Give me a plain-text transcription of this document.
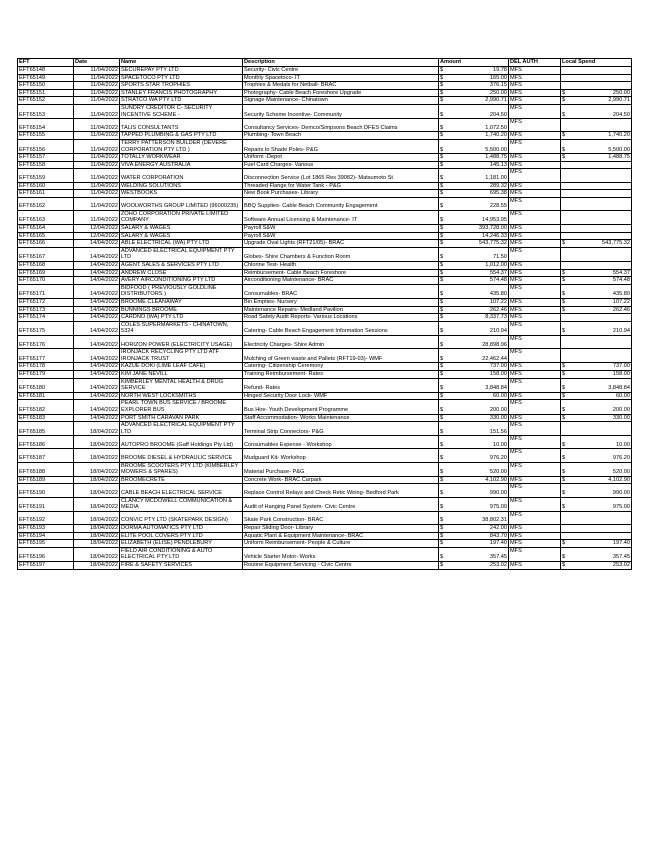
EFT	Date	Name	Description	Amount	DEL AUTH	Local Spend
EFT65148	11/04/2022	SECUREPAY PTY LTD	Security- Civic Centre	$ 19.78	MFS	
EFT65149	11/04/2022	SPACETOCO PTY LTD	Monthly Spacetoco- IT	$ 165.00	MFS	
EFT65150	11/04/2022	SPORTS STAR TROPHIES	Trophies & Medals for Netball- BRAC	$ 376.15	MFS	
EFT65151	11/04/2022	STANLEY FRANCIS PHOTOGRAPHY	Photography- Cable Beach Foreshore Upgrade	$ 250.00	MFS	$ 250.00

EFT65152	11/04/2022	STRATCO WA PTY LTD	Signage Maintenance- Chinatown	$ 2,990.71	MFS	$ 2,990.71

EFT65153	11/04/2022	SUNDRY CREDITOR C- SECURITY INCENTIVE SCHEME -	Security Scheme Incentive- Community	$ 204.50	MFS	$ 204.50

EFT65154	11/04/2022	TALIS CONSULTANTS	Consultancy Services- Demco/Simpsons Beach DFES Claims	$ 1,072.50	MFS	
EFT65155	11/04/2022	TAPPED PLUMBING & GAS PTY LTD	Plumbing- Town Beach	$ 1,740.20	MFS	$ 1,740.20

EFT65156	11/04/2022	TERRY PATTERSON BUILDER (DEVERE CORPORATION PTY LTD )	Repairs to Shade Poles- P&G	$ 5,500.00	MFS	$ 5,500.00

EFT65157	11/04/2022	TOTALLY WORKWEAR	Uniform -Depot	$ 1,488.75	MFS	$ 1,488.75

EFT65158	11/04/2022	VIVA ENERGY AUSTRALIA	Fuel Card Charges- Various	$ 145.13	MFS	
EFT65159	11/04/2022	WATER CORPORATION	Disconnection Service (Lot 1865 Res 39082)- Matsumoto St	$ 1,181.00	MFS	
EFT65160	11/04/2022	WELDING SOLUTIONS	Threaded Flange for Water Tank - P&G	$ 289.32	MFS	
EFT65161	11/04/2022	WESTBOOKS	New Book Purchases- Library	$ 695.38	MFS	
EFT65162	11/04/2022	WOOLWORTHS GROUP LIMITED (96000235)	BBQ Supplies- Cable Beach Community Engagement	$ 228.55	MFS	
EFT65163	11/04/2022	ZOHO CORPORATION PRIVATE LIMITED COMPANY	Software Annual Licensing & Maintenance- IT	$ 14,953.95	MFS	
EFT65164	12/04/2022	SALARY & WAGES	Payroll S&W	$ 393,728.00	MFS	
EFT65165	12/04/2022	SALARY & WAGES	Payroll S&W	$ 14,246.33	MFS	
EFT65166	14/04/2022	ABLE ELECTRICAL (WA) PTY LTD	Upgrade Oval Lights (RFT21/05)- BRAC	$ 543,775.32	MFS	$ 543,775.32

EFT65167	14/04/2022	ADVANCED ELECTRICAL EQUIPMENT PTY LTD	Globes- Shire Chambers & Function Room	$ 71.50	MFS	
EFT65168	14/04/2022	AGENT SALES & SERVICES PTY LTD	Chlorine Test- Health	$ 1,012.00	MFS	
EFT65169	14/04/2022	ANDREW CLOSE	Reimbursement- Cable Beach Foreshore	$ 554.37	MFS	$ 554.37

EFT65170	14/04/2022	AVERY AIRCONDITIONING PTY LTD	Airconditioning Maintenance- BRAC	$ 574.48	MFS	$ 574.48

EFT65171	14/04/2022	BIDFOOD ( PREVIOUSLY GOLDLINE DISTRIBUTORS )	Consumables- BRAC	$ 435.80	MFS	$ 435.80

EFT65172	14/04/2022	BROOME CLEANAWAY	Bin Empties- Nursery	$ 107.22	MFS	$ 107.22

EFT65173	14/04/2022	BUNNINGS BROOME	Maintenance Repairs- Medland Pavilion	$ 262.46	MFS	$ 262.46

EFT65174	14/04/2022	CARDNO (WA) PTY LTD	Road Safety Audit Reports- Various Locations	$ 8,337.73	MFS	
EFT65175	14/04/2022	COLES SUPERMARKETS - CHINATOWN, 5324	Catering- Cable Beach Engagement Information Sessions	$ 210.94	MFS	$ 210.94

EFT65176	14/04/2022	HORIZON POWER (ELECTRICITY USAGE)	Electricity Charges- Shire Admin	$ 28,898.96	MFS	
EFT65177	14/04/2022	IRONJACK RECYCLING PTY LTD ATF IRONJACK TRUST	Mulching of Green waste and Pallets (RFT19-03)- WMF	$ 22,462.44	MFS	
EFT65178	14/04/2022	KAZUE DOKI (LIME LEAF CAFE)	Catering- Citizenship Ceremony	$ 737.00	MFS	$ 737.00

EFT65179	14/04/2022	KIM JANE NEVILL	Training Reimbursement- Rates	$ 158.00	MFS	$ 158.00

EFT65180	14/04/2022	KIMBERLEY MENTAL HEALTH & DRUG SERVICE	Refund- Rates	$ 3,848.84	MFS	$ 3,848.84

EFT65181	14/04/2022	NORTH WEST LOCKSMITHS	Hinged Security Door Lock- WMF	$ 60.00	MFS	$ 60.00

EFT65182	14/04/2022	PEARL TOWN BUS SERVICE / BROOME EXPLORER BUS	Bus Hire- Youth Development Programme	$ 200.00	MFS	$ 200.00

EFT65183	14/04/2022	PORT SMITH CARAVAN PARK	Staff Accommodation- Works Maintenance	$ 330.00	MFS	$ 330.00

EFT65185	18/04/2022	ADVANCED ELECTRICAL EQUIPMENT PTY LTD	Terminal Strip Connectors- P&G	$ 151.56	MFS	
EFT65186	18/04/2022	AUTOPRO BROOME (Gaff Holdings Pty Ltd)	Consumables Expense - Workshop	$ 10.00	MFS	$ 10.00

EFT65187	18/04/2022	BROOME DIESEL & HYDRAULIC SERVICE	Mudguard Kit- Workshop	$ 976.20	MFS	$ 976.20

EFT65188	18/04/2022	BROOME SCOOTERS PTY LTD (KIMBERLEY MOWERS & SPARES)	Material Purchase- P&G	$ 520.00	MFS	$ 520.00

EFT65189	18/04/2022	BROOMECRETE	Concrete Work- BRAC Carpark	$ 4,102.90	MFS	$ 4,102.90

EFT65190	18/04/2022	CABLE BEACH ELECTRICAL SERVICE	Replace Control Relays and Check Retic Wiring- Bedford Park	$ 990.00	MFS	$ 990.00

EFT65191	18/04/2022	CLANCY MCDOWELL COMMUNICATION & MEDIA	Audit of Hanging Panel System- Civic Centre	$ 975.00	MFS	$ 975.00

EFT65192	18/04/2022	CONVIC PTY LTD (SKATEPARK DESIGN)	Skate Park Construction- BRAC	$ 38,802.31	MFS	
EFT65193	18/04/2022	DORMA AUTOMATICS PTY LTD	Repair Sliding Door- Library	$ 242.00	MFS	
EFT65194	18/04/2022	ELITE POOL COVERS PTY LTD	Aquatic Plant & Equipment Maintenance- BRAC	$ 843.70	MFS	
EFT65195	18/04/2022	ELIZABETH (ELISE) PENDLEBURY	Uniform Reimbursement- People & Culture	$ 197.40	MFS	$ 197.40

EFT65196	18/04/2022	FIELD AIR CONDITIONING & AUTO ELECTRICAL PTY LTD	Vehicle Starter Motor- Works	$ 357.45	MFS	$ 357.45

EFT65197	18/04/2022	FIRE & SAFETY SERVICES	Routine Equipment Servicing - Civic Centre	$ 253.02	MFS	$ 253.02
